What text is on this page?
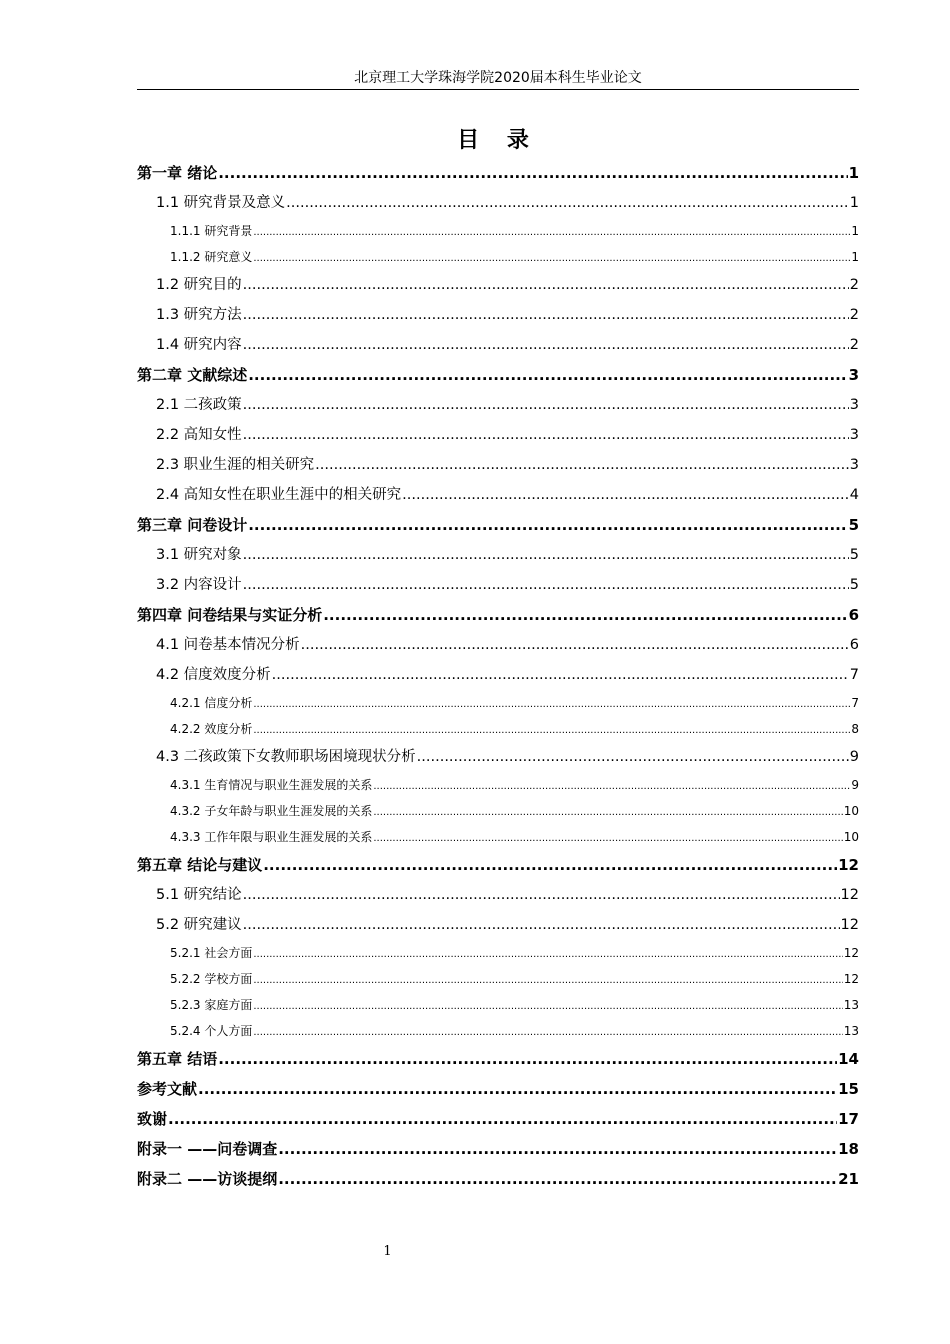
北京理工大学珠海学院2020届本科生毕业论文
目 录
第一章 绪论 .....	1
1.1 研究背景及意义 .....	1
1.1.1 研究背景 .....	1
1.1.2 研究意义 .....	1
1.2 研究目的 .....	2
1.3 研究方法 .....	2
1.4 研究内容 .....	2
第二章 文献综述 .....	3
2.1 二孩政策 .....	3
2.2 高知女性 .....	3
2.3 职业生涯的相关研究 .....	3
2.4 高知女性在职业生涯中的相关研究 .....	4
第三章 问卷设计 .....	5
3.1 研究对象 .....	5
3.2 内容设计 .....	5
第四章 问卷结果与实证分析 .....	6
4.1 问卷基本情况分析 .....	6
4.2 信度效度分析 .....	7
4.2.1 信度分析 .....	7
4.2.2 效度分析 .....	8
4.3 二孩政策下女教师职场困境现状分析 .....	9
4.3.1 生育情况与职业生涯发展的关系 .....	9
4.3.2 子女年龄与职业生涯发展的关系 .....	10
4.3.3 工作年限与职业生涯发展的关系 .....	10
第五章 结论与建议 .....	12
5.1 研究结论 .....	12
5.2 研究建议 .....	12
5.2.1 社会方面 .....	12
5.2.2 学校方面 .....	12
5.2.3 家庭方面 .....	13
5.2.4 个人方面 .....	13
第五章 结语 .....	14
参考文献 .....	15
致谢 .....	17
附录一 ——问卷调查 .....	18
附录二 ——访谈提纲 .....	21
1
